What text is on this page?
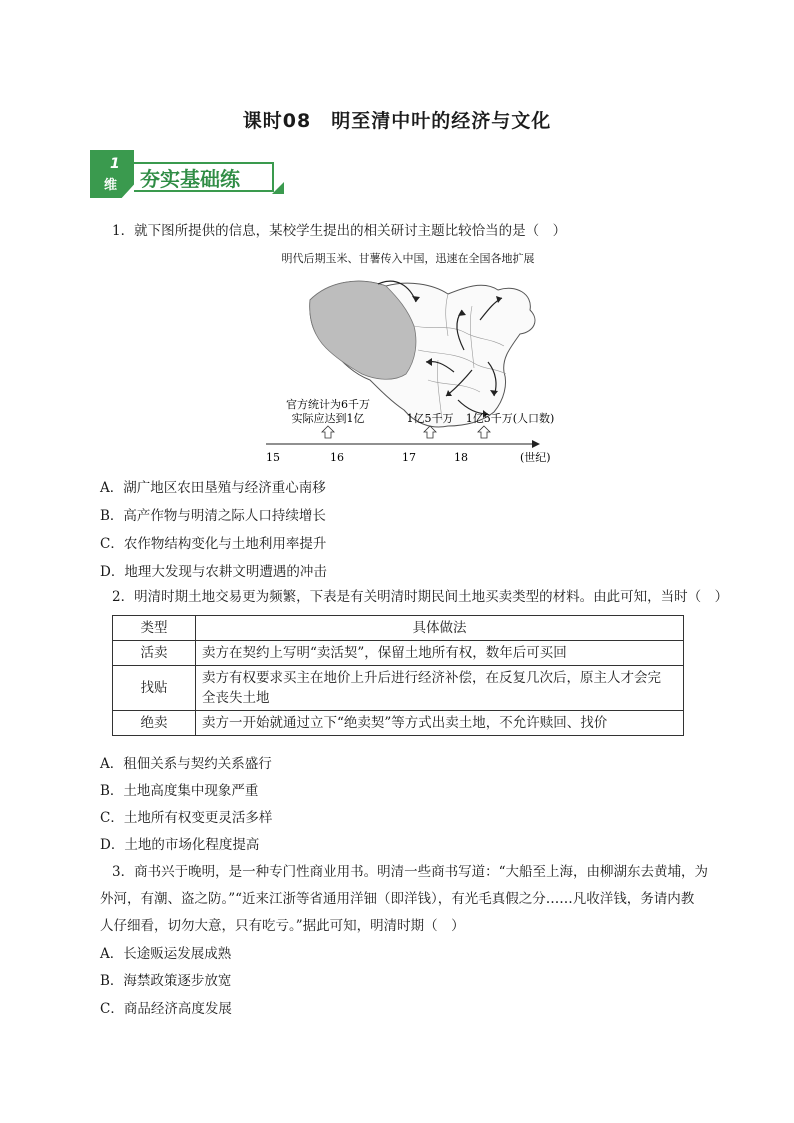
课时08　明至清中叶的经济与文化
1
维	夯实基础练
1．就下图所提供的信息，某校学生提出的相关研讨主题比较恰当的是（　）
明代后期玉米、甘薯传入中国，迅速在全国各地扩展
官方统计为6千万
实际应达到1亿	1亿5千万 1亿5千万(人口数)
15	16	17	18	(世纪)
A．湖广地区农田垦殖与经济重心南移
B．高产作物与明清之际人口持续增长
C．农作物结构变化与土地利用率提升
D．地理大发现与农耕文明遭遇的冲击
2．明清时期土地交易更为频繁，下表是有关明清时期民间土地买卖类型的材料。由此可知，当时（　）
类型	具体做法
活卖	卖方在契约上写明“卖活契”，保留土地所有权，数年后可买回
找贴	卖方有权要求买主在地价上升后进行经济补偿，在反复几次后，原主人才会完
全丧失土地

绝卖	卖方一开始就通过立下“绝卖契”等方式出卖土地，不允许赎回、找价
A．租佃关系与契约关系盛行
B．土地高度集中现象严重
C．土地所有权变更灵活多样
D．土地的市场化程度提高
3．商书兴于晚明，是一种专门性商业用书。明清一些商书写道：“大船至上海，由柳湖东去黄埔，为
外河，有潮、盗之防。”“近来江浙等省通用洋钿（即洋钱），有光毛真假之分……凡收洋钱，务请内教
人仔细看，切勿大意，只有吃亏。”据此可知，明清时期（　）
A．长途贩运发展成熟
B．海禁政策逐步放宽
C．商品经济高度发展
